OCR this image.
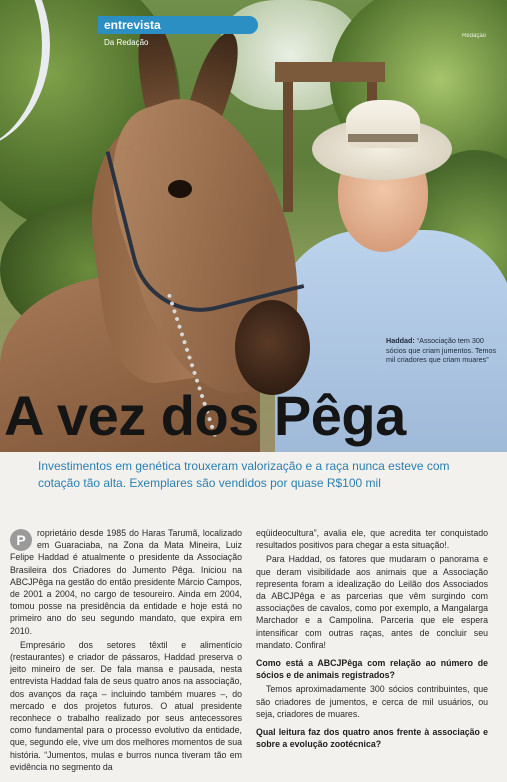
entrevista
Da Redação
Redação
Haddad: “Associação tem 300 sócios que criam jumentos. Temos mil criadores que criam muares”
A vez dos Pêga
Investimentos em genética trouxeram valorização e a raça nunca esteve com cotação tão alta. Exemplares são vendidos por quase R$100 mil

P	roprietário desde 1985 do Haras Tarumã, localizado em Guaraciaba, na Zona da Mata Mineira, Luiz Felipe Haddad é atualmente o presidente da Associação Brasileira dos Criadores do Jumento Pêga. Iniciou na ABCJPêga na gestão do então presidente Márcio Campos, de 2001 a 2004, no cargo de tesoureiro. Ainda em 2004, tomou posse na presidência da entidade e hoje está no primeiro ano do seu segundo mandato, que expira em 2010.

Empresário dos setores têxtil e alimentício (restaurantes) e criador de pássaros, Haddad preserva o jeito mineiro de ser. De fala mansa e pausada, nesta entrevista Haddad fala de seus quatro anos na associação, dos avanços da raça – incluindo também muares –, do mercado e dos projetos futuros. O atual presidente reconhece o trabalho realizado por seus antecessores como fundamental para o processo evolutivo da entidade, que, segundo ele, vive um dos melhores momentos de sua história. “Jumentos, mulas e burros nunca tiveram tão em evidência no segmento da

eqüideocultura”, avalia ele, que acredita ter conquistado resultados positivos para chegar a esta situação!.

Para Haddad, os fatores que mudaram o panorama e que deram visibilidade aos animais que a Associação representa foram a idealização do Leilão dos Associados da ABCJPêga e as parcerias que vêm surgindo com associações de cavalos, como por exemplo, a Mangalarga Marchador e a Campolina. Parceria que ele espera intensificar com outras raças, antes de concluir seu mandato. Confira!

Como está a ABCJPêga com relação ao número de sócios e de animais registrados?

Temos aproximadamente 300 sócios contribuintes, que são criadores de jumentos, e cerca de mil usuários, ou seja, criadores de muares.

Qual leitura faz dos quatro anos frente à associação e sobre a evolução zootécnica?
